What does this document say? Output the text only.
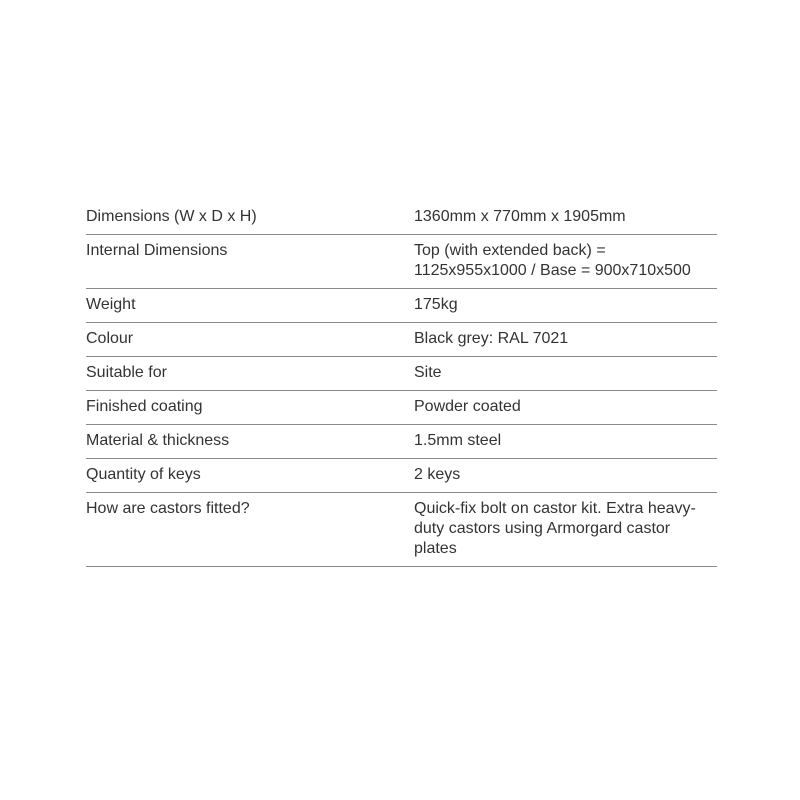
Dimensions (W x D x H)	1360mm x 770mm x 1905mm
Internal Dimensions	Top (with extended back) = 1125x955x1000 / Base = 900x710x500
Weight	175kg
Colour	Black grey: RAL 7021
Suitable for	Site
Finished coating	Powder coated
Material & thickness	1.5mm steel
Quantity of keys	2 keys
How are castors fitted?	Quick-fix bolt on castor kit. Extra heavy-duty castors using Armorgard castor plates
